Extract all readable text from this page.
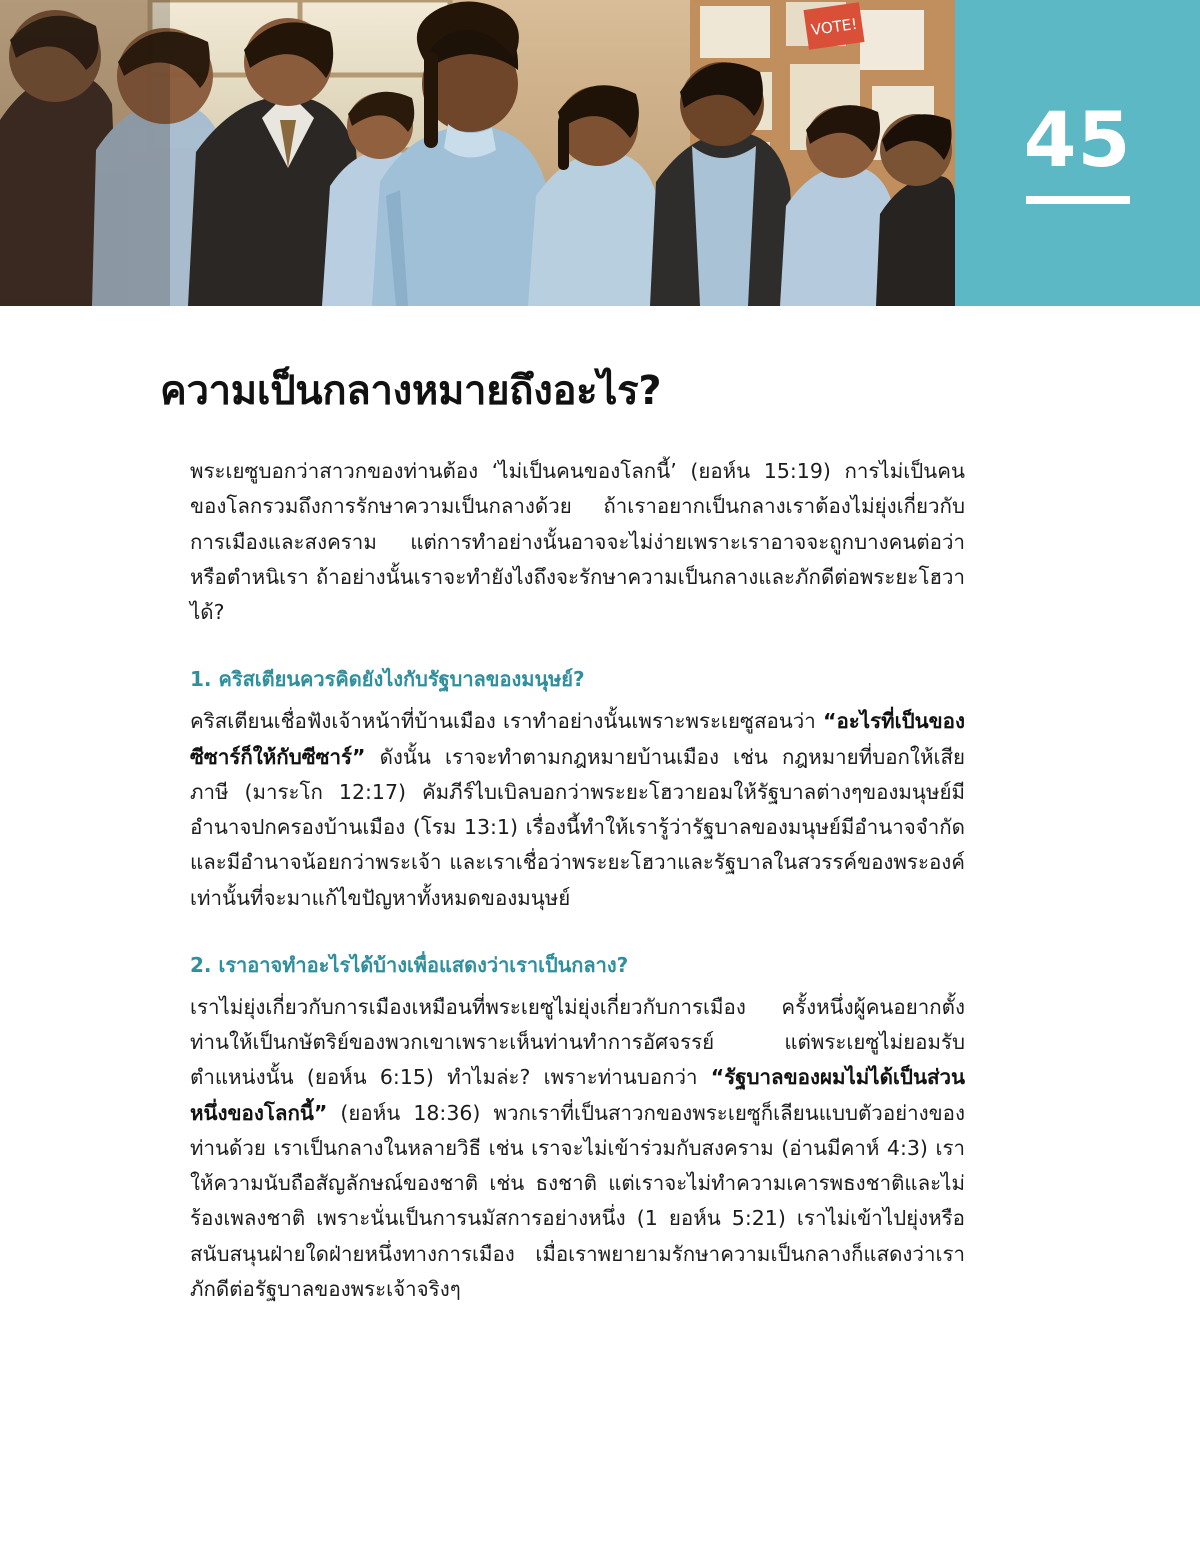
VOTE!
45
ความเป็นกลางหมายถึงอะไร?

พระเยซูบอกว่าสาวกของท่านต้อง ‘ไม่เป็นคนของโลกนี้’ (ยอห์น 15:19) การไม่เป็นคนของโลกรวมถึงการรักษาความเป็นกลางด้วย ถ้าเราอยากเป็นกลางเราต้องไม่ยุ่งเกี่ยวกับการเมืองและสงคราม แต่การทำอย่างนั้นอาจจะไม่ง่ายเพราะเราอาจจะถูกบางคนต่อว่าหรือตำหนิเรา ถ้าอย่างนั้นเราจะทำยังไงถึงจะรักษาความเป็นกลางและภักดีต่อพระยะโฮวาได้?

1. คริสเตียนควรคิดยังไงกับรัฐบาลของมนุษย์?

คริสเตียนเชื่อฟังเจ้าหน้าที่บ้านเมือง เราทำอย่างนั้นเพราะพระเยซูสอนว่า “อะไรที่เป็นของซีซาร์ก็ให้กับซีซาร์” ดังนั้น เราจะทำตามกฎหมายบ้านเมือง เช่น กฎหมายที่บอกให้เสียภาษี (มาระโก 12:17) คัมภีร์ไบเบิลบอกว่าพระยะโฮวายอมให้รัฐบาลต่างๆของมนุษย์มีอำนาจปกครองบ้านเมือง (โรม 13:1) เรื่องนี้ทำให้เรารู้ว่ารัฐบาลของมนุษย์มีอำนาจจำกัดและมีอำนาจน้อยกว่าพระเจ้า และเราเชื่อว่าพระยะโฮวาและรัฐบาลในสวรรค์ของพระองค์เท่านั้นที่จะมาแก้ไขปัญหาทั้งหมดของมนุษย์

2. เราอาจทำอะไรได้บ้างเพื่อแสดงว่าเราเป็นกลาง?

เราไม่ยุ่งเกี่ยวกับการเมืองเหมือนที่พระเยซูไม่ยุ่งเกี่ยวกับการเมือง ครั้งหนึ่งผู้คนอยากตั้งท่านให้เป็นกษัตริย์ของพวกเขาเพราะเห็นท่านทำการอัศจรรย์ แต่พระเยซูไม่ยอมรับตำแหน่งนั้น (ยอห์น 6:15) ทำไมล่ะ? เพราะท่านบอกว่า “รัฐบาลของผมไม่ได้เป็นส่วนหนึ่งของโลกนี้” (ยอห์น 18:36) พวกเราที่เป็นสาวกของพระเยซูก็เลียนแบบตัวอย่างของท่านด้วย เราเป็นกลางในหลายวิธี เช่น เราจะไม่เข้าร่วมกับสงคราม (อ่านมีคาห์ 4:3) เราให้ความนับถือสัญลักษณ์ของชาติ เช่น ธงชาติ แต่เราจะไม่ทำความเคารพธงชาติและไม่ร้องเพลงชาติ เพราะนั่นเป็นการนมัสการอย่างหนึ่ง (1 ยอห์น 5:21) เราไม่เข้าไปยุ่งหรือสนับสนุนฝ่ายใดฝ่ายหนึ่งทางการเมือง เมื่อเราพยายามรักษาความเป็นกลางก็แสดงว่าเราภักดีต่อรัฐบาลของพระเจ้าจริงๆ
